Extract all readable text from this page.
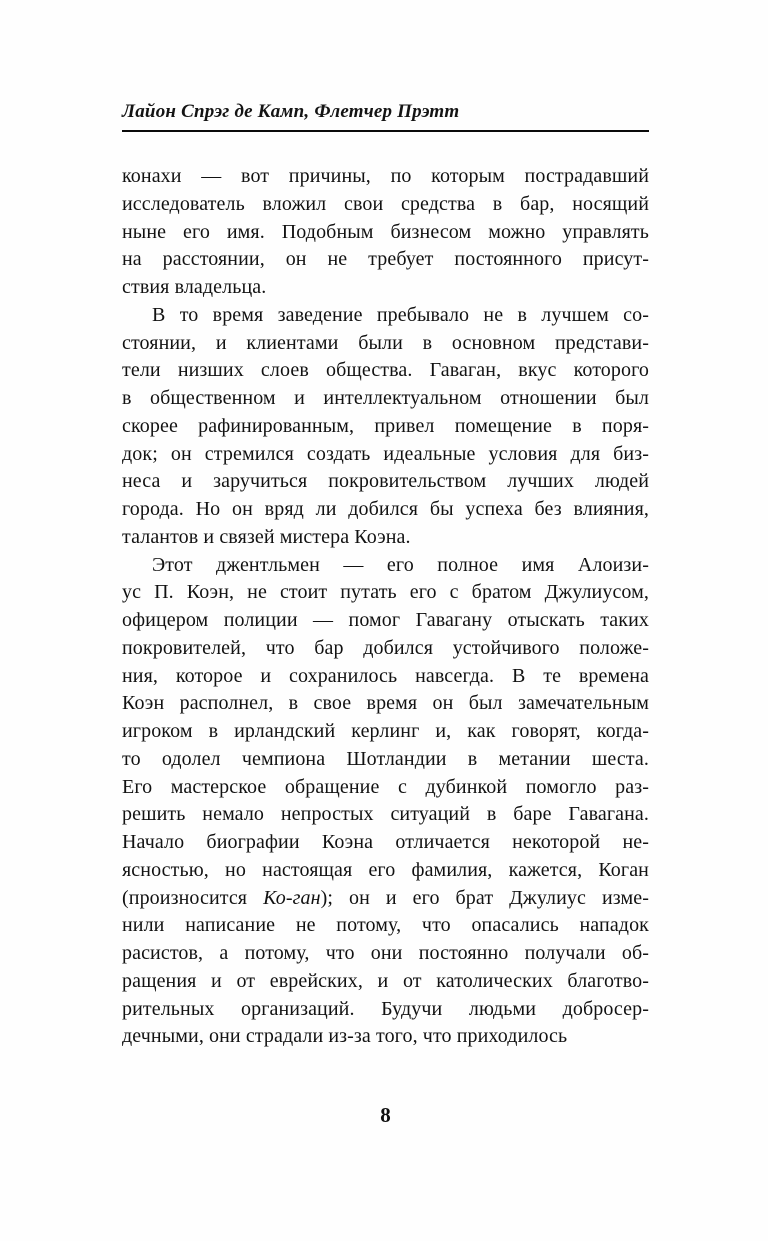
Лайон Спрэг де Камп, Флетчер Прэтт
конахи — вот причины, по которым пострадавший
исследователь вложил свои средства в бар, носящий
ныне его имя. Подобным бизнесом можно управлять
на расстоянии, он не требует постоянного присут-
ствия владельца.
В то время заведение пребывало не в лучшем со-
стоянии, и клиентами были в основном представи-
тели низших слоев общества. Гаваган, вкус которого
в общественном и интеллектуальном отношении был
скорее рафинированным, привел помещение в поря-
док; он стремился создать идеальные условия для биз-
неса и заручиться покровительством лучших людей
города. Но он вряд ли добился бы успеха без влияния,
талантов и связей мистера Коэна.
Этот джентльмен — его полное имя Алоизи-
ус П. Коэн, не стоит путать его с братом Джулиусом,
офицером полиции — помог Гавагану отыскать таких
покровителей, что бар добился устойчивого положе-
ния, которое и сохранилось навсегда. В те времена
Коэн располнел, в свое время он был замечательным
игроком в ирландский керлинг и, как говорят, когда-
то одолел чемпиона Шотландии в метании шеста.
Его мастерское обращение с дубинкой помогло раз-
решить немало непростых ситуаций в баре Гавагана.
Начало биографии Коэна отличается некоторой не-
ясностью, но настоящая его фамилия, кажется, Коган
(произносится Ко-ган); он и его брат Джулиус изме-
нили написание не потому, что опасались нападок
расистов, а потому, что они постоянно получали об-
ращения и от еврейских, и от католических благотво-
рительных организаций. Будучи людьми добросер-
дечными, они страдали из-за того, что приходилось
8
